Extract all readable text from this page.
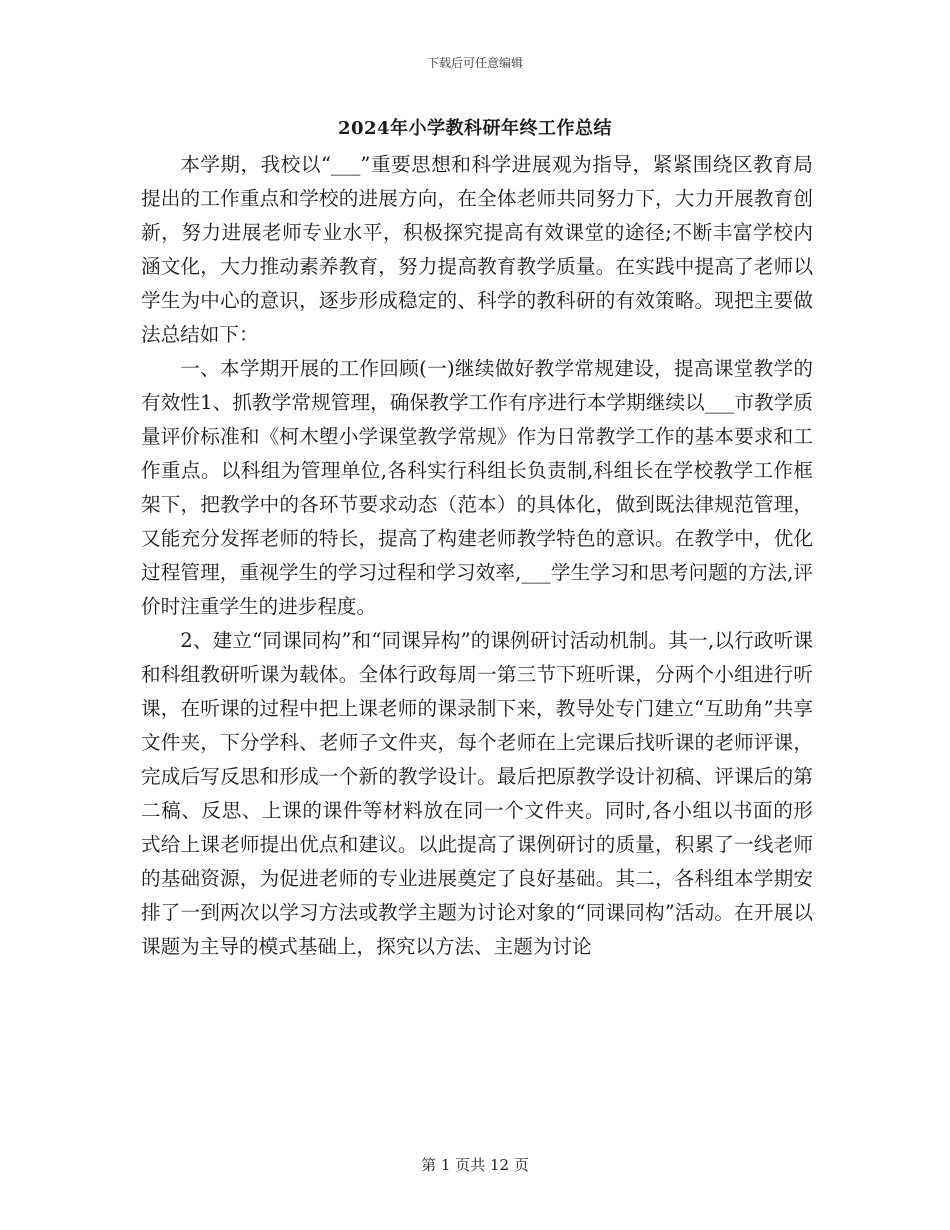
下载后可任意编辑
2024年小学教科研年终工作总结

本学期，我校以“___”重要思想和科学进展观为指导，紧紧围绕区教育局提出的工作重点和学校的进展方向，在全体老师共同努力下，大力开展教育创新，努力进展老师专业水平，积极探究提高有效课堂的途径;不断丰富学校内涵文化，大力推动素养教育，努力提高教育教学质量。在实践中提高了老师以学生为中心的意识，逐步形成稳定的、科学的教科研的有效策略。现把主要做法总结如下：

一、本学期开展的工作回顾(一)继续做好教学常规建设，提高课堂教学的有效性1、抓教学常规管理，确保教学工作有序进行本学期继续以___市教学质量评价标准和《柯木塱小学课堂教学常规》作为日常教学工作的基本要求和工作重点。以科组为管理单位,各科实行科组长负责制,科组长在学校教学工作框架下，把教学中的各环节要求动态（范本）的具体化，做到既法律规范管理，又能充分发挥老师的特长，提高了构建老师教学特色的意识。在教学中，优化过程管理，重视学生的学习过程和学习效率,___学生学习和思考问题的方法,评价时注重学生的进步程度。

2、建立“同课同构”和“同课异构”的课例研讨活动机制。其一,以行政听课和科组教研听课为载体。全体行政每周一第三节下班听课，分两个小组进行听课，在听课的过程中把上课老师的课录制下来，教导处专门建立“互助角”共享文件夹，下分学科、老师子文件夹，每个老师在上完课后找听课的老师评课，完成后写反思和形成一个新的教学设计。最后把原教学设计初稿、评课后的第二稿、反思、上课的课件等材料放在同一个文件夹。同时,各小组以书面的形式给上课老师提出优点和建议。以此提高了课例研讨的质量，积累了一线老师的基础资源，为促进老师的专业进展奠定了良好基础。其二，各科组本学期安排了一到两次以学习方法或教学主题为讨论对象的“同课同构”活动。在开展以课题为主导的模式基础上，探究以方法、主题为讨论

第 1 页共 12 页
